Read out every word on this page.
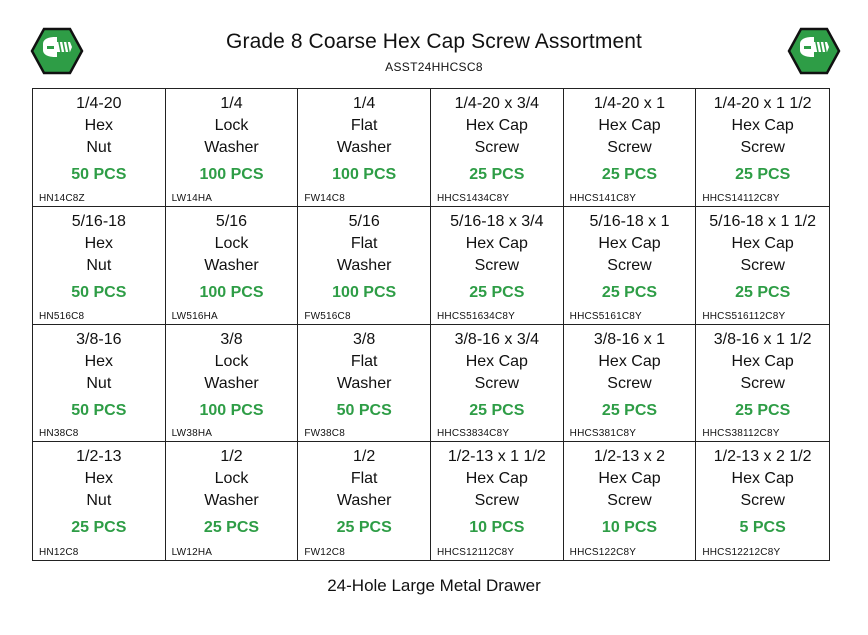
Grade 8 Coarse Hex Cap Screw Assortment
ASST24HHCSC8
1/4-20
Hex
Nut
50 PCS
HN14C8Z
1/4
Lock
Washer
100 PCS
LW14HA
1/4
Flat
Washer
100 PCS
FW14C8
1/4-20 x 3/4
Hex Cap
Screw
25 PCS
HHCS1434C8Y
1/4-20 x 1
Hex Cap
Screw
25 PCS
HHCS141C8Y
1/4-20 x 1 1/2
Hex Cap
Screw
25 PCS
HHCS14112C8Y
5/16-18
Hex
Nut
50 PCS
HN516C8
5/16
Lock
Washer
100 PCS
LW516HA
5/16
Flat
Washer
100 PCS
FW516C8
5/16-18 x 3/4
Hex Cap
Screw
25 PCS
HHCS51634C8Y
5/16-18 x 1
Hex Cap
Screw
25 PCS
HHCS5161C8Y
5/16-18 x 1 1/2
Hex Cap
Screw
25 PCS
HHCS516112C8Y
3/8-16
Hex
Nut
50 PCS
HN38C8
3/8
Lock
Washer
100 PCS
LW38HA
3/8
Flat
Washer
50 PCS
FW38C8
3/8-16 x 3/4
Hex Cap
Screw
25 PCS
HHCS3834C8Y
3/8-16 x 1
Hex Cap
Screw
25 PCS
HHCS381C8Y
3/8-16 x 1 1/2
Hex Cap
Screw
25 PCS
HHCS38112C8Y
1/2-13
Hex
Nut
25 PCS
HN12C8
1/2
Lock
Washer
25 PCS
LW12HA
1/2
Flat
Washer
25 PCS
FW12C8
1/2-13 x 1 1/2
Hex Cap
Screw
10 PCS
HHCS12112C8Y
1/2-13 x 2
Hex Cap
Screw
10 PCS
HHCS122C8Y
1/2-13 x 2 1/2
Hex Cap
Screw
5 PCS
HHCS12212C8Y
24-Hole Large Metal Drawer
